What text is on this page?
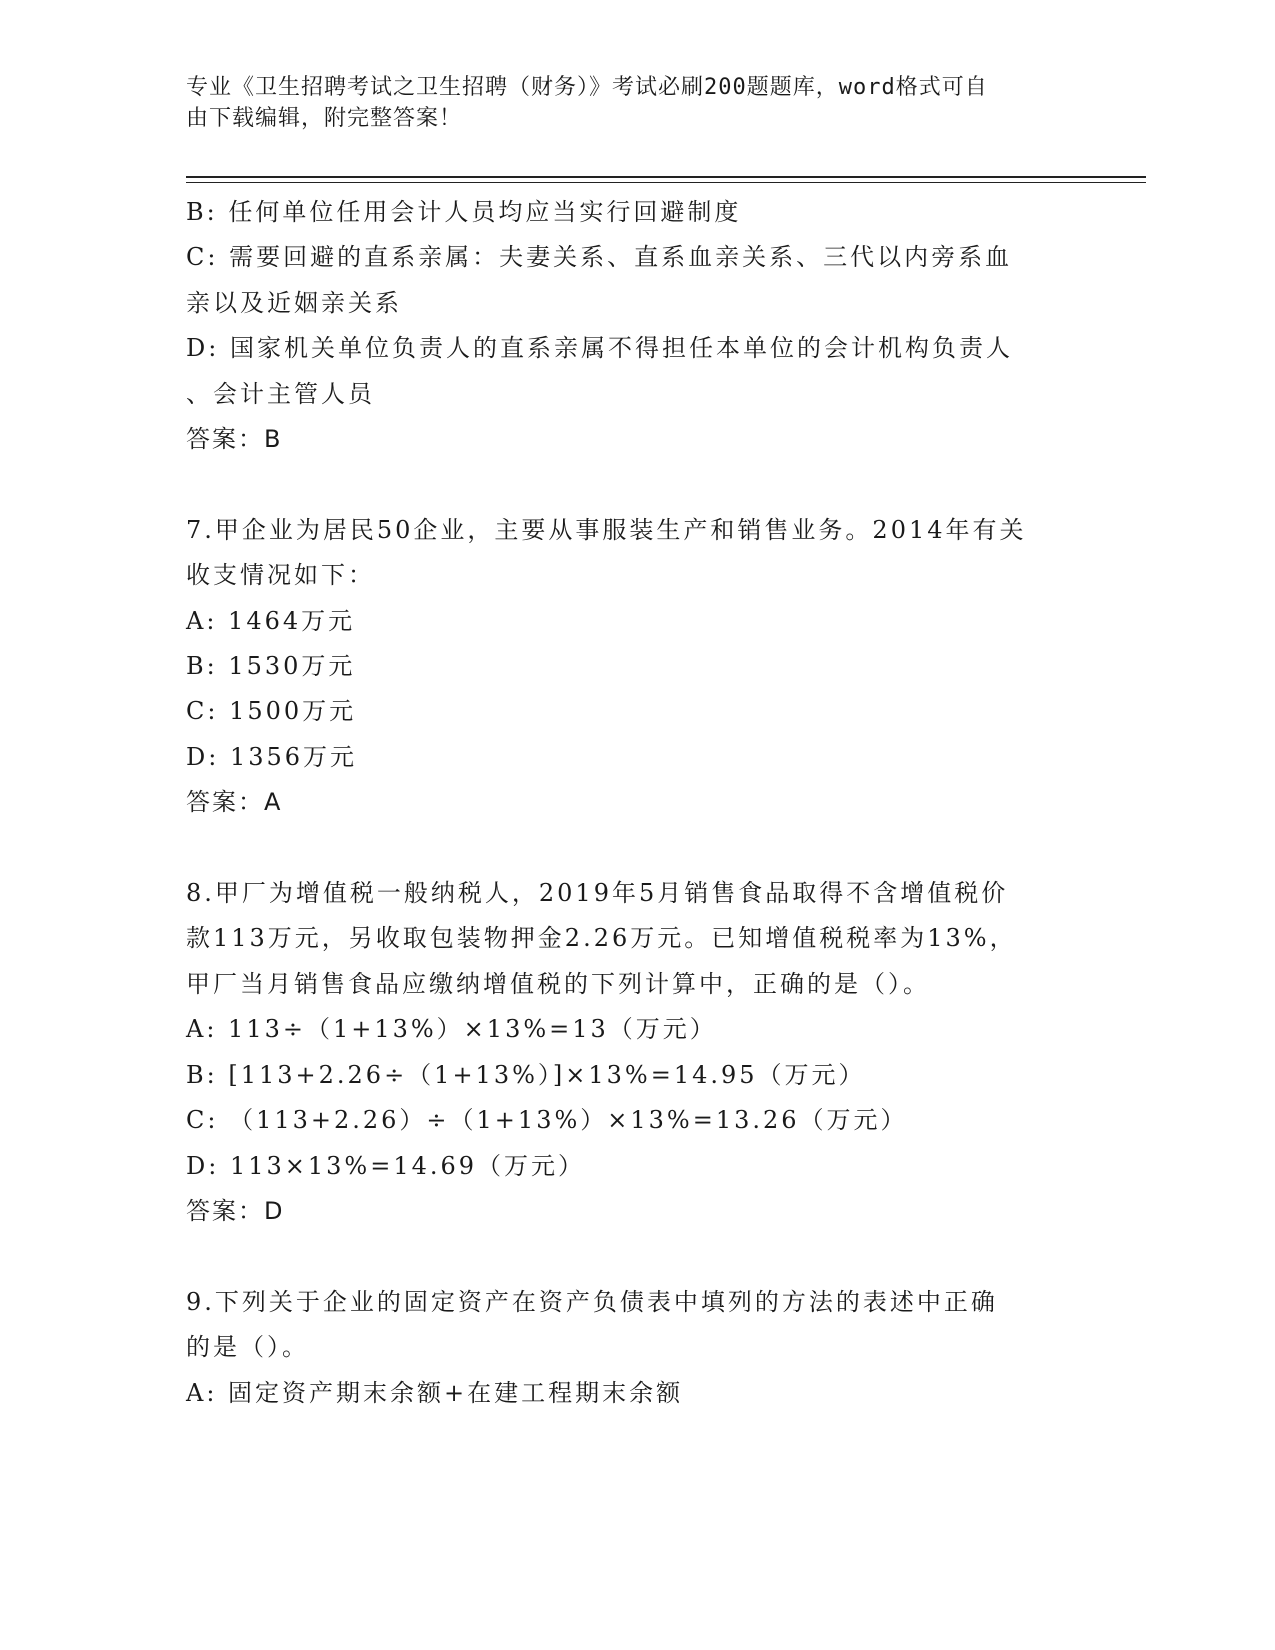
专业《卫生招聘考试之卫生招聘（财务）》考试必刷200题题库，word格式可自
由下载编辑，附完整答案！
B: 任何单位任用会计人员均应当实行回避制度
C: 需要回避的直系亲属：夫妻关系、直系血亲关系、三代以内旁系血
亲以及近姻亲关系
D: 国家机关单位负责人的直系亲属不得担任本单位的会计机构负责人
、会计主管人员
答案：B
7.甲企业为居民50企业，主要从事服装生产和销售业务。2014年有关
收支情况如下：
A: 1464万元
B: 1530万元
C: 1500万元
D: 1356万元
答案：A
8.甲厂为增值税一般纳税人，2019年5月销售食品取得不含增值税价
款113万元，另收取包装物押金2.26万元。已知增值税税率为13%，
甲厂当月销售食品应缴纳增值税的下列计算中，正确的是（）。
A: 113÷（1+13%）×13%=13（万元）
B: [113+2.26÷（1+13%）]×13%=14.95（万元）
C: （113+2.26）÷（1+13%）×13%=13.26（万元）
D: 113×13%=14.69（万元）
答案：D
9.下列关于企业的固定资产在资产负债表中填列的方法的表述中正确
的是（）。
A: 固定资产期末余额+在建工程期末余额
